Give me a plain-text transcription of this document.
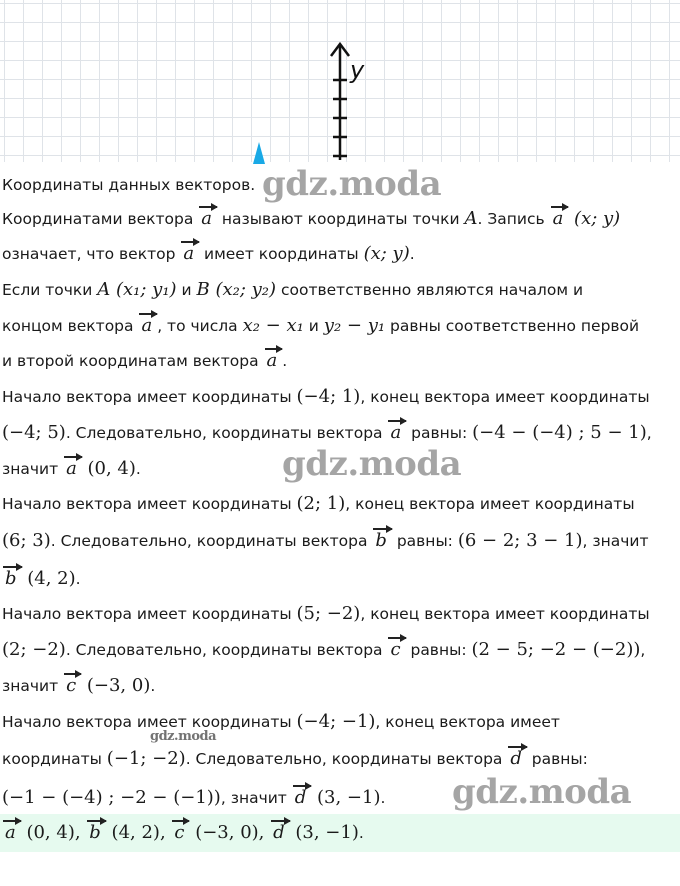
y
Координаты данных векторов.
Координатами вектора a называют координаты точки A. Запись a (x; y)
означает, что вектор a имеет координаты (x; y).
Если точки A (x₁; y₁) и B (x₂; y₂) соответственно являются началом и
концом вектора a , то числа x₂ − x₁ и y₂ − y₁ равны соответственно первой
и второй координатам вектора a .
Начало вектора имеет координаты (−4; 1), конец вектора имеет координаты
(−4; 5). Следовательно, координаты вектора a равны: (−4 − (−4) ; 5 − 1),
значит a (0, 4).
Начало вектора имеет координаты (2; 1), конец вектора имеет координаты
(6; 3). Следовательно, координаты вектора b равны: (6 − 2; 3 − 1), значит
b (4, 2).
Начало вектора имеет координаты (5; −2), конец вектора имеет координаты
(2; −2). Следовательно, координаты вектора c равны: (2 − 5; −2 − (−2)),
значит c (−3, 0).
Начало вектора имеет координаты (−4; −1), конец вектора имеет
координаты (−1; −2). Следовательно, координаты вектора d равны:
(−1 − (−4) ; −2 − (−1)), значит d (3, −1).
a (0, 4), b (4, 2), c (−3, 0), d (3, −1).
gdz.moda
gdz.moda
gdz.moda
gdz.moda
